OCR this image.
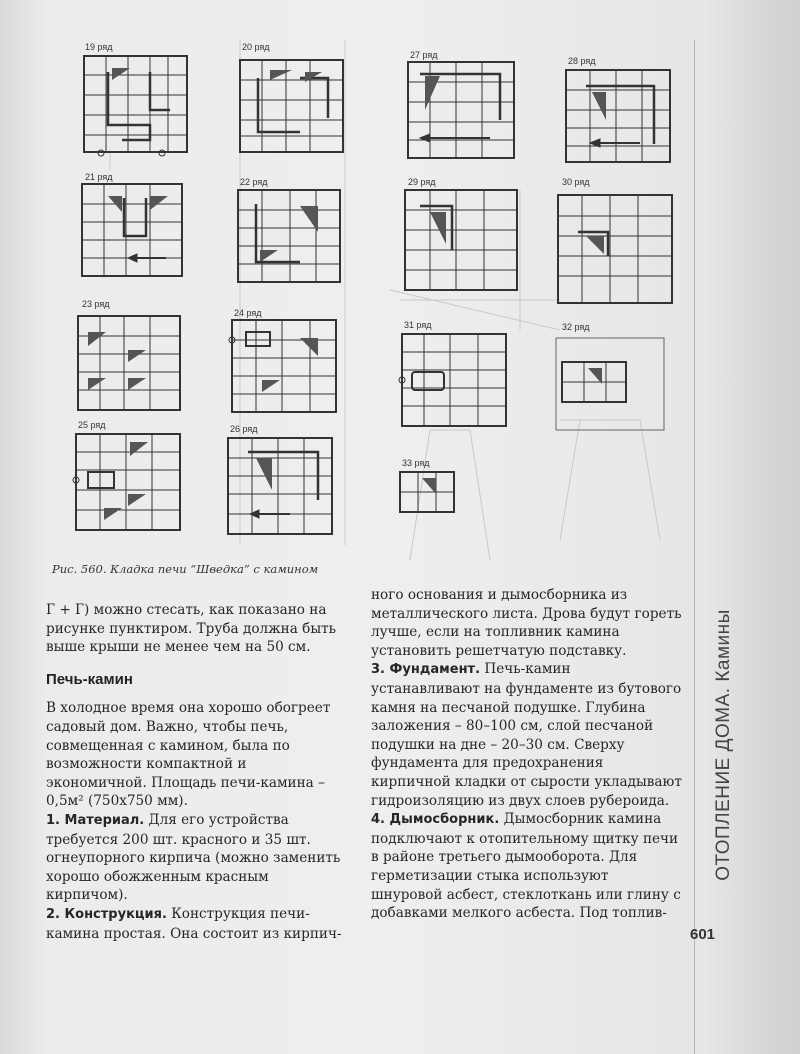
19 ряд	20 ряд
27 ряд
28 ряд
21 ряд	22 ряд	29 ряд	30 ряд
23 ряд
24 ряд
31 ряд	32 ряд
25 ряд	26 ряд
33 ряд
Рис. 560. Кладка печи “Шведка” с камином

Г + Г) можно стесать, как показано на рисунке пунктиром. Труба должна быть выше крыши не менее чем на 50 см.

Печь-камин

В холодное время она хорошо обогреет садовый дом. Важно, чтобы печь, совмещенная с камином, была по возможности компактной и экономичной. Площадь печи-камина – 0,5м² (750х750 мм).

1. Материал. Для его устройства требуется 200 шт. красного и 35 шт. огнеупорного кирпича (можно заменить хорошо обожженным красным кирпичом).

2. Конструкция. Конструкция печи-камина простая. Она состоит из кирпич-

ного основания и дымосборника из металлического листа. Дрова будут гореть лучше, если на топливник камина установить решетчатую подставку.

3. Фундамент. Печь-камин устанавливают на фундаменте из бутового камня на песчаной подушке. Глубина заложения – 80–100 см, слой песчаной подушки на дне – 20–30 см. Сверху фундамента для предохранения кирпичной кладки от сырости укладывают гидроизоляцию из двух слоев рубероида.

4. Дымосборник. Дымосборник камина подключают к отопительному щитку печи в районе третьего дымооборота. Для герметизации стыка используют шнуровой асбест, стеклоткань или глину с добавками мелкого асбеста. Под топлив-

ОТОПЛЕНИЕ ДОМА. Камины
601
